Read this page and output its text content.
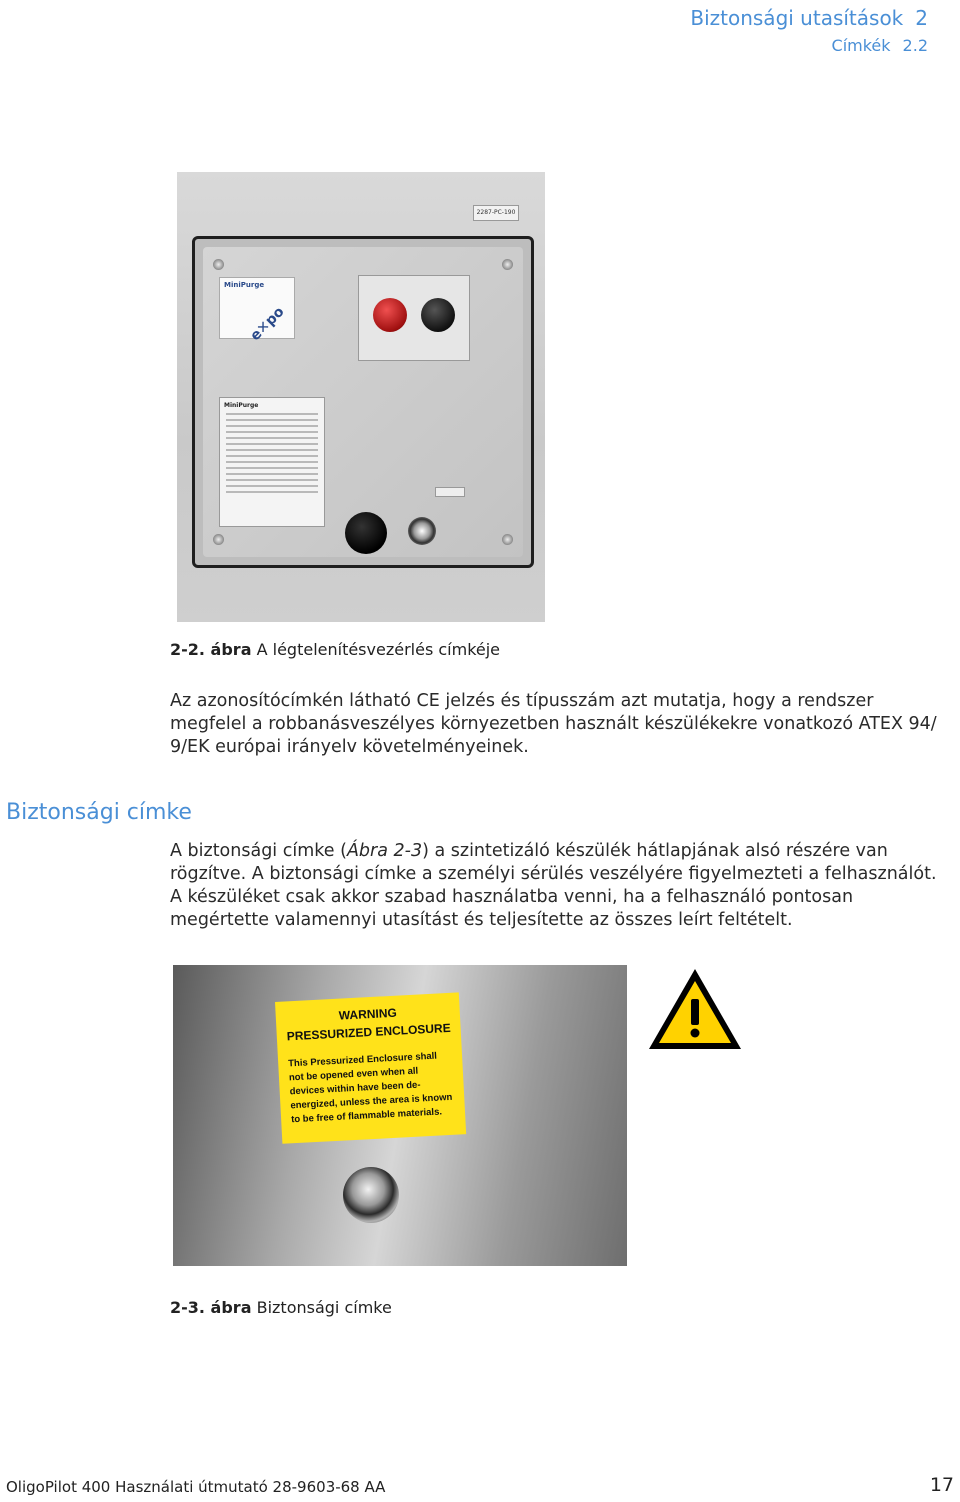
Biztonsági utasítások 2
Címkék 2.2
MiniPurge
e✕po
MiniPurge
2287-PC-190
2-2. ábra A légtelenítésvezérlés címkéje

Az azonosítócímkén látható CE jelzés és típusszám azt mutatja, hogy a rendszer megfelel a robbanásveszélyes környezetben használt készülékekre vonatkozó ATEX 94/ 9/EK európai irányelv követelményeinek.

Biztonsági címke

A biztonsági címke (Ábra 2-3) a szintetizáló készülék hátlapjának alsó részére van rögzítve. A biztonsági címke a személyi sérülés veszélyére figyelmezteti a felhasználót. A készüléket csak akkor szabad használatba venni, ha a felhasználó pontosan megértette valamennyi utasítást és teljesítette az összes leírt feltételt.

WARNING
PRESSURIZED ENCLOSURE
This Pressurized Enclosure shall not be opened even when all devices within have been de-energized, unless the area is known to be free of flammable materials.
2-3. ábra Biztonsági címke
OligoPilot 400 Használati útmutató 28-9603-68 AA	17
